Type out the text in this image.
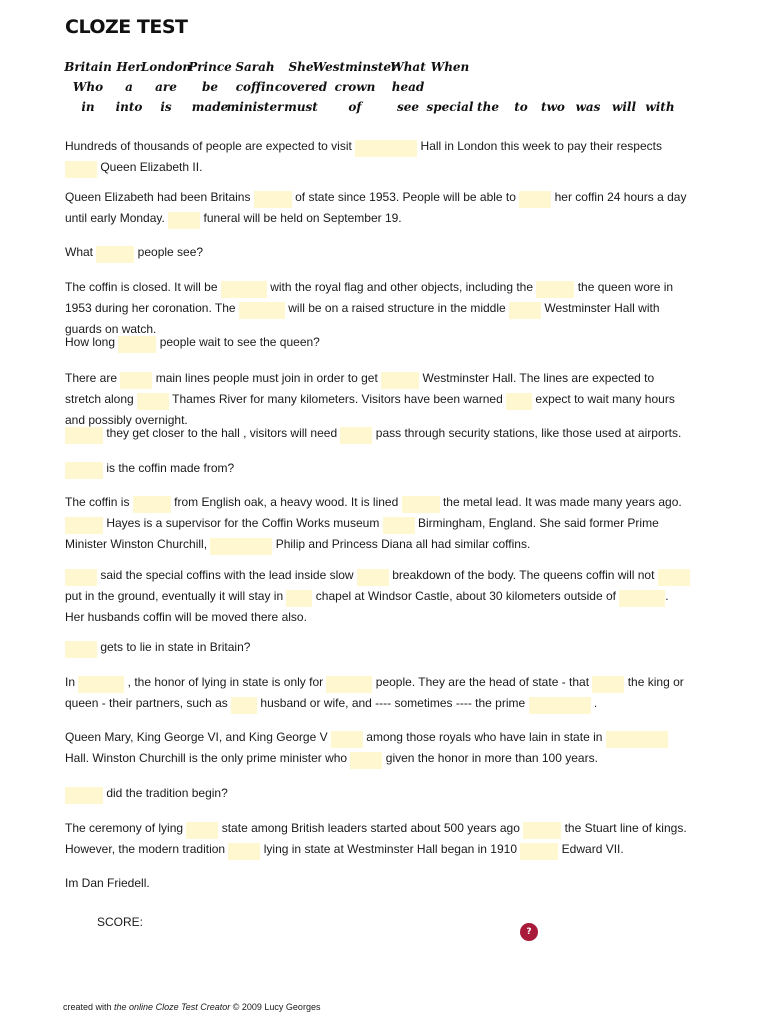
CLOZE TEST
Britain Her London
Prince Sarah She Westminster
What When
Who a are be coffin covered crown head
in into is made
minister must	of	see special the to two was will with

Hundreds of thousands of people are expected to visit	Hall in London this week to pay their respects  Queen Elizabeth II.

Queen Elizabeth had been Britains	of state since 1953. People will be able to	her coffin 24 hours a day until early Monday.	funeral will be held on September 19.

What	people see?

The coffin is closed. It will be	with the royal flag and other objects, including the	the queen wore in 1953 during her coronation. The	will be on a raised structure in the middle	Westminster Hall with guards on watch.

How long	people wait to see the queen?

There are	main lines people must join in order to get	Westminster Hall. The lines are expected to stretch along	Thames River for many kilometers. Visitors have been warned  expect to wait many hours and possibly overnight.

they get closer to the hall , visitors will need	pass through security stations, like those used at airports.

is the coffin made from?

The coffin is	from English oak, a heavy wood. It is lined	the metal lead. It was made many years ago.  Hayes is a supervisor for the Coffin Works museum	Birmingham, England. She said former Prime Minister Winston Churchill,	Philip and Princess Diana all had similar coffins.

said the special coffins with the lead inside slow	breakdown of the body. The queens coffin will not	put in the ground, eventually it will stay in  chapel at Windsor Castle, about 30 kilometers outside of	. Her husbands coffin will be moved there also.

gets to lie in state in Britain?

In	, the honor of lying in state is only for	people. They are the head of state - that	the king or queen - their partners, such as  husband or wife, and ---- sometimes ---- the prime	.

Queen Mary, King George VI, and King George V	among those royals who have lain in state in	Hall. Winston Churchill is the only prime minister who	given the honor in more than 100 years.

did the tradition begin?

The ceremony of lying	state among British leaders started about 500 years ago	the Stuart line of kings. However, the modern tradition	lying in state at Westminster Hall began in 1910	Edward VII.

Im Dan Friedell.

SCORE:
?
created with the online Cloze Test Creator © 2009 Lucy Georges
